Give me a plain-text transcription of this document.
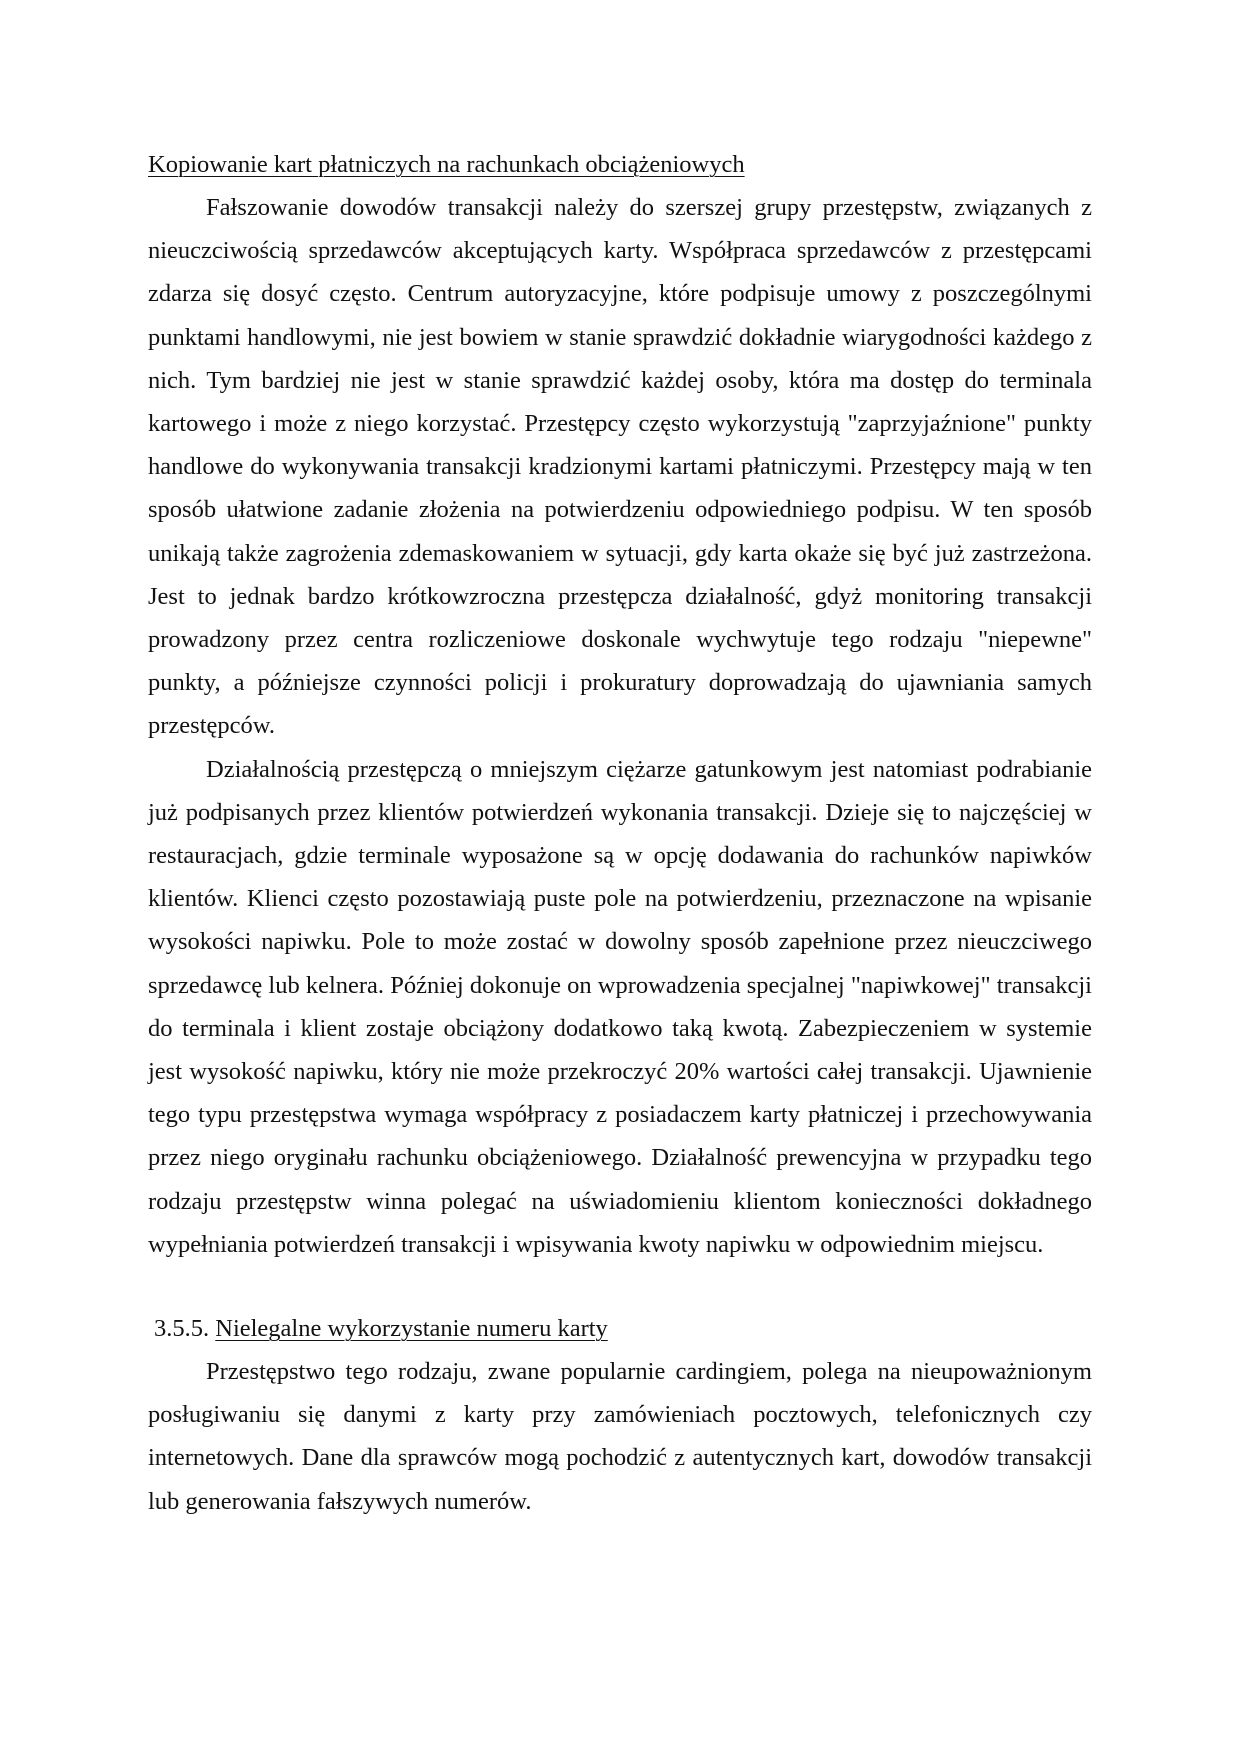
Kopiowanie kart płatniczych na rachunkach obciążeniowych

Fałszowanie dowodów transakcji należy do szerszej grupy przestępstw, związanych z nieuczciwością sprzedawców akceptujących karty. Współpraca sprzedawców z przestępcami zdarza się dosyć często. Centrum autoryzacyjne, które podpisuje umowy z poszczególnymi punktami handlowymi, nie jest bowiem w stanie sprawdzić dokładnie wiarygodności każdego z nich. Tym bardziej nie jest w stanie sprawdzić każdej osoby, która ma dostęp do terminala kartowego i może z niego korzystać. Przestępcy często wykorzystują "zaprzyjaźnione" punkty handlowe do wykonywania transakcji kradzionymi kartami płatniczymi. Przestępcy mają w ten sposób ułatwione zadanie złożenia na potwierdzeniu odpowiedniego podpisu. W ten sposób unikają także zagrożenia zdemaskowaniem w sytuacji, gdy karta okaże się być już zastrzeżona. Jest to jednak bardzo krótkowzroczna przestępcza działalność, gdyż monitoring transakcji prowadzony przez centra rozliczeniowe doskonale wychwytuje tego rodzaju "niepewne" punkty, a późniejsze czynności policji i prokuratury doprowadzają do ujawniania samych przestępców.

Działalnością przestępczą o mniejszym ciężarze gatunkowym jest natomiast podrabianie już podpisanych przez klientów potwierdzeń wykonania transakcji. Dzieje się to najczęściej w restauracjach, gdzie terminale wyposażone są w opcję dodawania do rachunków napiwków klientów. Klienci często pozostawiają puste pole na potwierdzeniu, przeznaczone na wpisanie wysokości napiwku. Pole to może zostać w dowolny sposób zapełnione przez nieuczciwego sprzedawcę lub kelnera. Później dokonuje on wprowadzenia specjalnej "napiwkowej" transakcji do terminala i klient zostaje obciążony dodatkowo taką kwotą. Zabezpieczeniem w systemie jest wysokość napiwku, który nie może przekroczyć 20% wartości całej transakcji. Ujawnienie tego typu przestępstwa wymaga współpracy z posiadaczem karty płatniczej i przechowywania przez niego oryginału rachunku obciążeniowego. Działalność prewencyjna w przypadku tego rodzaju przestępstw winna polegać na uświadomieniu klientom konieczności dokładnego wypełniania potwierdzeń transakcji i wpisywania kwoty napiwku w odpowiednim miejscu.

3.5.5. Nielegalne wykorzystanie numeru karty

Przestępstwo tego rodzaju, zwane popularnie cardingiem, polega na nieupoważnionym posługiwaniu się danymi z karty przy zamówieniach pocztowych, telefonicznych czy internetowych. Dane dla sprawców mogą pochodzić z autentycznych kart, dowodów transakcji lub generowania fałszywych numerów.
